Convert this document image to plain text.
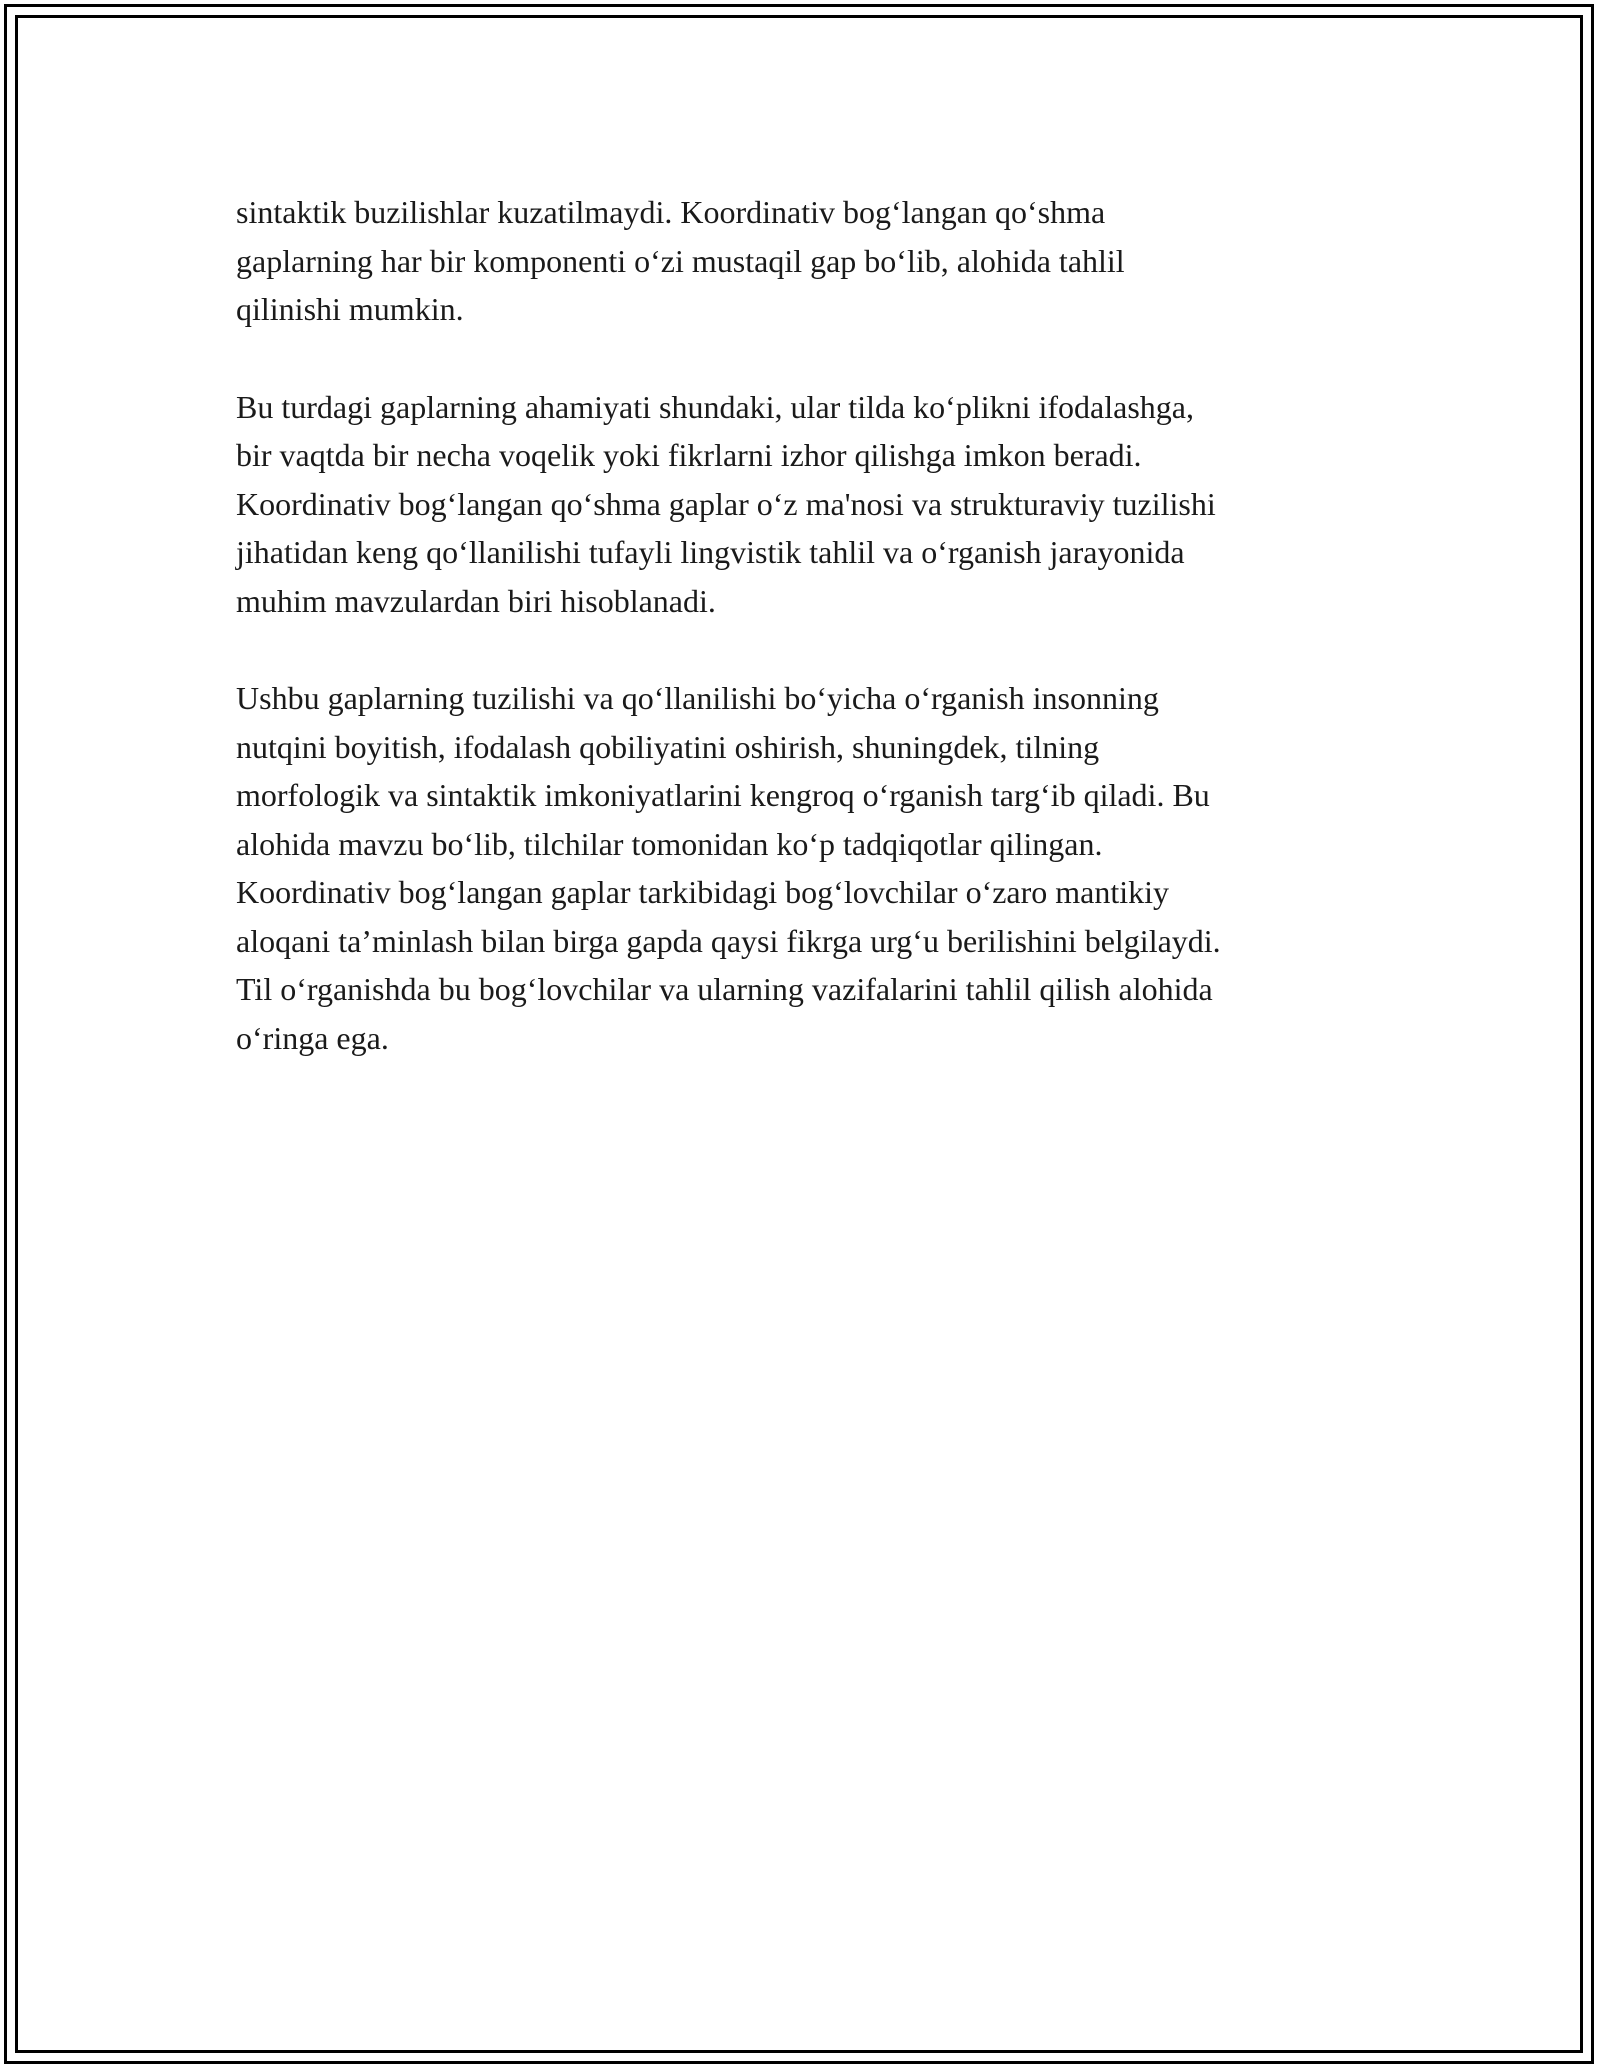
sintaktik buzilishlar kuzatilmaydi. Koordinativ bog‘langan qo‘shma
gaplarning har bir komponenti o‘zi mustaqil gap bo‘lib, alohida tahlil
qilinishi mumkin.

Bu turdagi gaplarning ahamiyati shundaki, ular tilda ko‘plikni ifodalashga,
bir vaqtda bir necha voqelik yoki fikrlarni izhor qilishga imkon beradi.
Koordinativ bog‘langan qo‘shma gaplar o‘z ma'nosi va strukturaviy tuzilishi
jihatidan keng qo‘llanilishi tufayli lingvistik tahlil va o‘rganish jarayonida
muhim mavzulardan biri hisoblanadi.

Ushbu gaplarning tuzilishi va qo‘llanilishi bo‘yicha o‘rganish insonning
nutqini boyitish, ifodalash qobiliyatini oshirish, shuningdek, tilning
morfologik va sintaktik imkoniyatlarini kengroq o‘rganish targ‘ib qiladi. Bu
alohida mavzu bo‘lib, tilchilar tomonidan ko‘p tadqiqotlar qilingan.
Koordinativ bog‘langan gaplar tarkibidagi bog‘lovchilar o‘zaro mantikiy
aloqani ta’minlash bilan birga gapda qaysi fikrga urg‘u berilishini belgilaydi.
Til o‘rganishda bu bog‘lovchilar va ularning vazifalarini tahlil qilish alohida
o‘ringa ega.
